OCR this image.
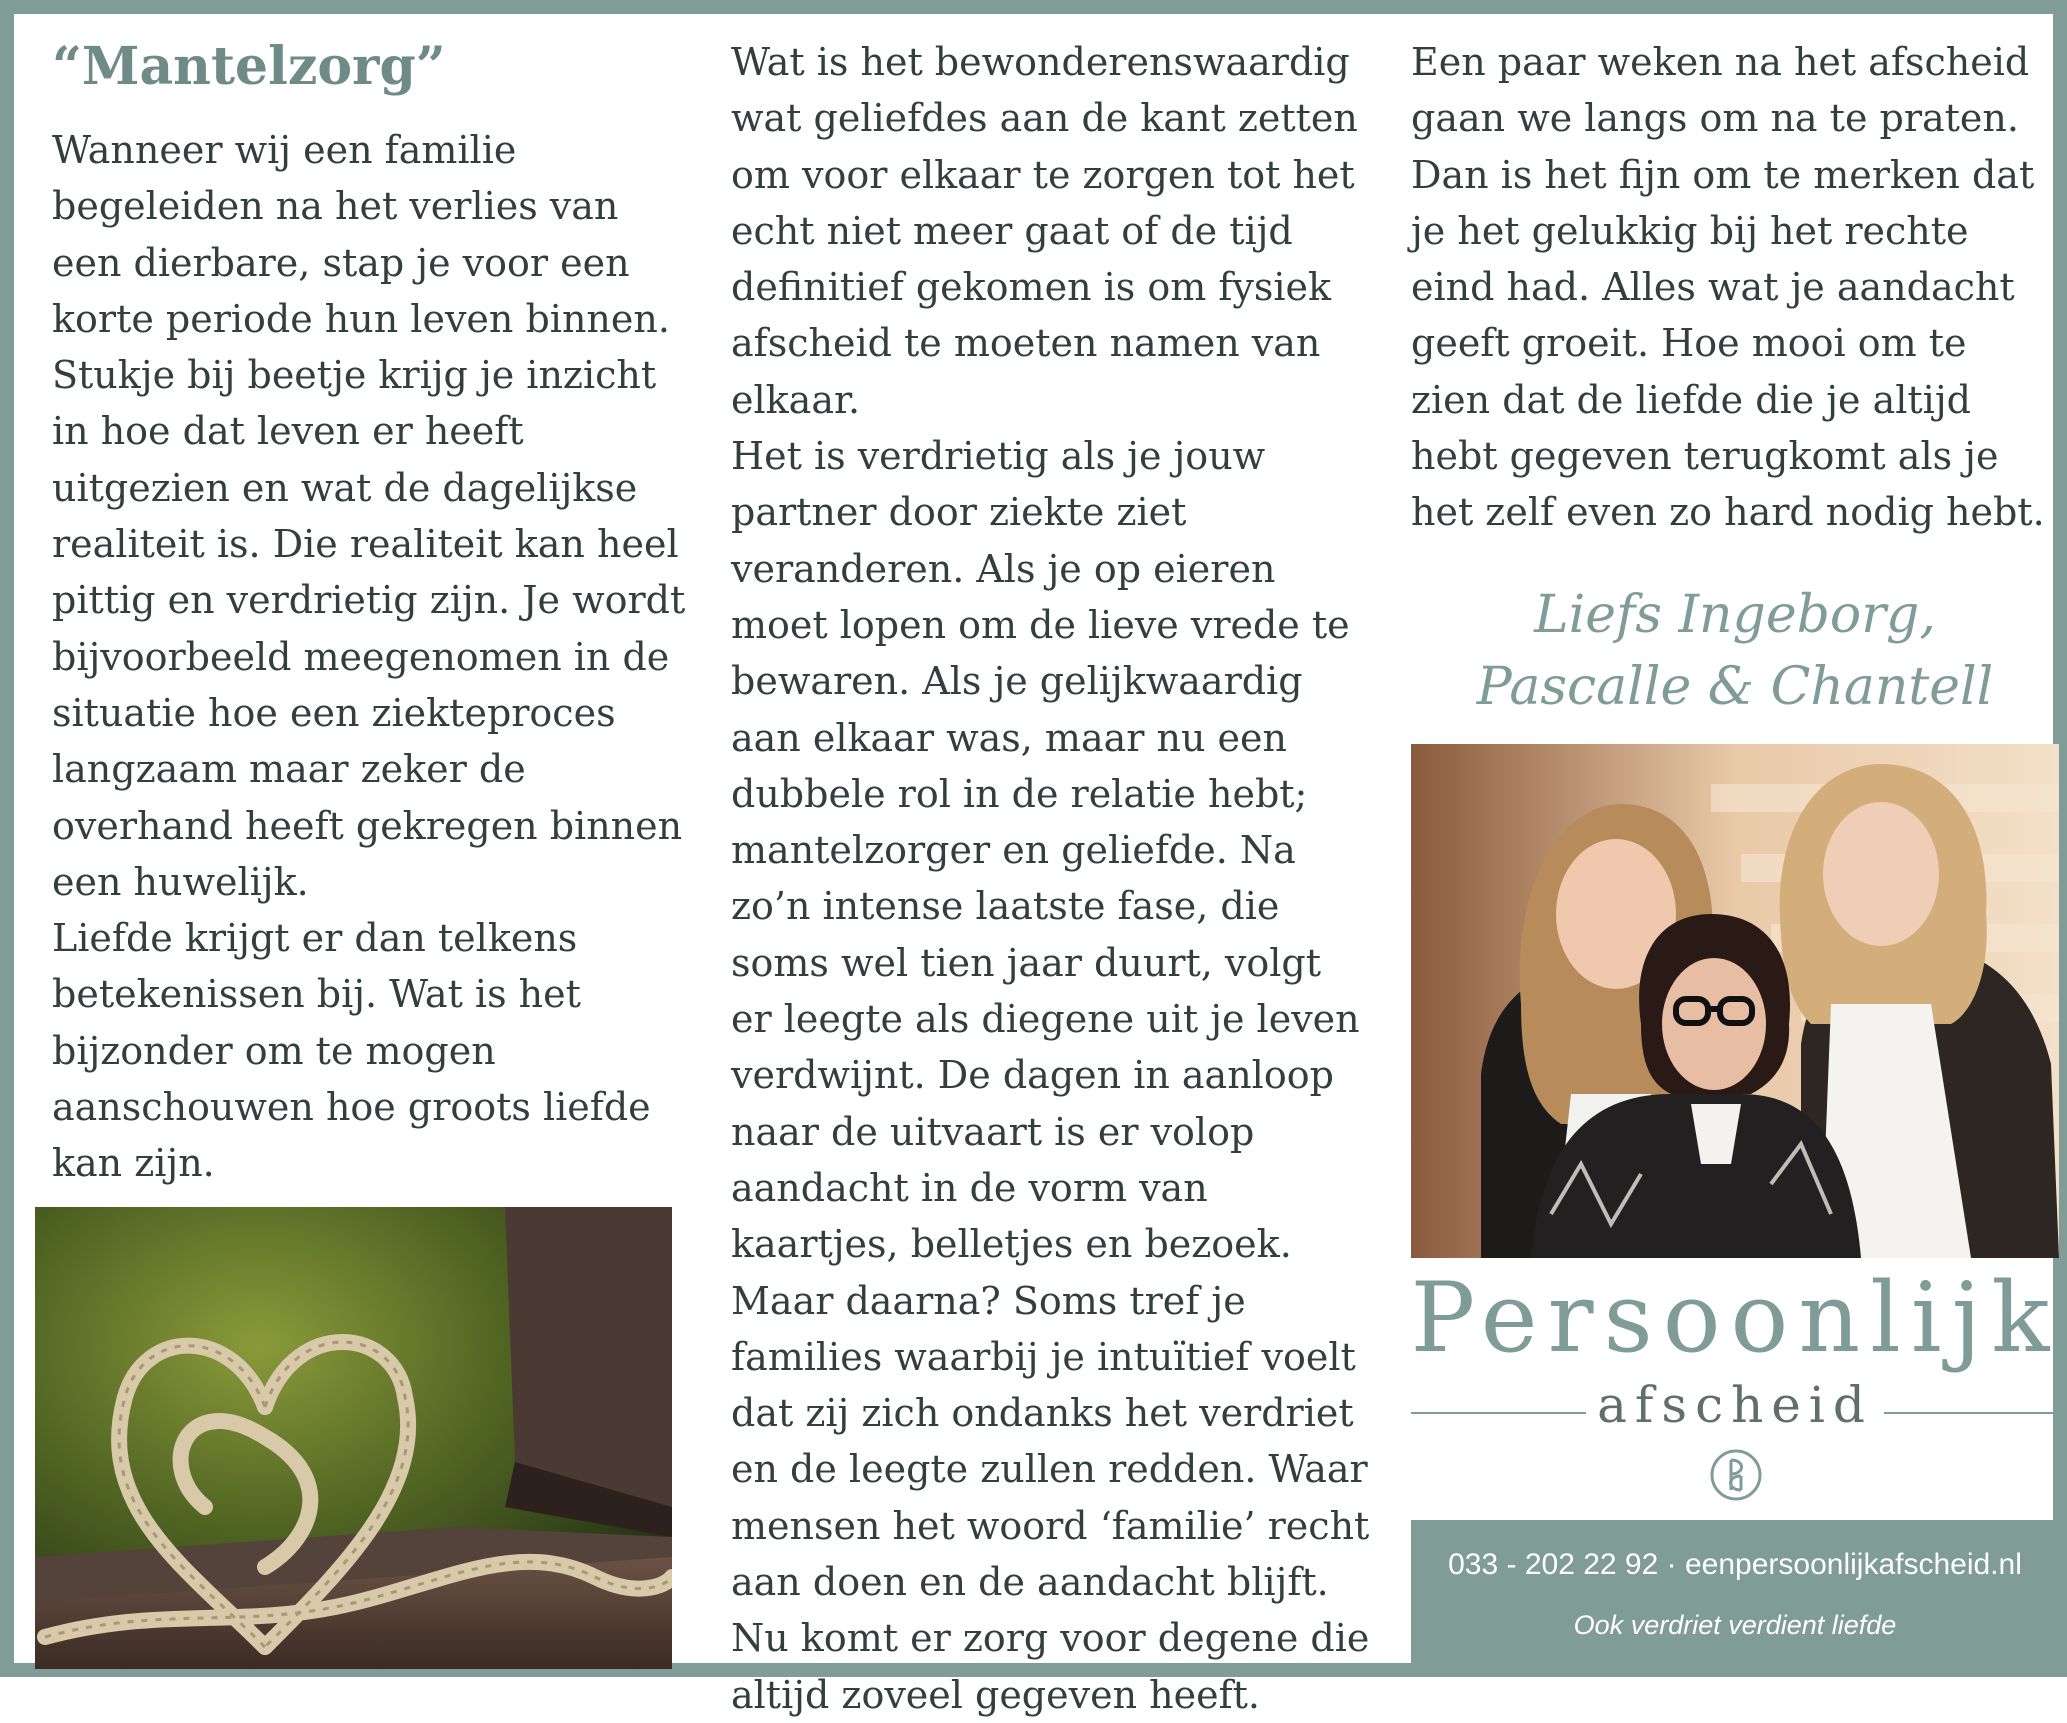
“Mantelzorg”
Wanneer wij een familie begeleiden na het verlies van een dierbare, stap je voor een korte periode hun leven binnen. Stukje bij beetje krijg je inzicht in hoe dat leven er heeft uitgezien en wat de dagelijkse realiteit is. Die realiteit kan heel pittig en verdrietig zijn. Je wordt bijvoorbeeld meegenomen in de situatie hoe een ziekteproces langzaam maar zeker de overhand heeft gekregen binnen een huwelijk.
Liefde krijgt er dan telkens betekenissen bij. Wat is het bijzonder om te mogen aanschouwen hoe groots liefde kan zijn.
Wat is het bewonderenswaardig wat geliefdes aan de kant zetten om voor elkaar te zorgen tot het echt niet meer gaat of de tijd definitief gekomen is om fysiek afscheid te moeten namen van elkaar.
Het is verdrietig als je jouw partner door ziekte ziet veranderen. Als je op eieren moet lopen om de lieve vrede te bewaren. Als je gelijkwaardig aan elkaar was, maar nu een dubbele rol in de relatie hebt; mantelzorger en geliefde. Na zo’n intense laatste fase, die soms wel tien jaar duurt, volgt er leegte als diegene uit je leven verdwijnt. De dagen in aanloop naar de uitvaart is er volop aandacht in de vorm van kaartjes, belletjes en bezoek. Maar daarna? Soms tref je families waarbij je intuïtief voelt dat zij zich ondanks het verdriet en de leegte zullen redden. Waar mensen het woord ‘familie’ recht aan doen en de aandacht blijft. Nu komt er zorg voor degene die altijd zoveel gegeven heeft.
Een paar weken na het afscheid gaan we langs om na te praten. Dan is het fijn om te merken dat je het gelukkig bij het rechte eind had. Alles wat je aandacht geeft groeit. Hoe mooi om te zien dat de liefde die je altijd hebt gegeven terugkomt als je het zelf even zo hard nodig hebt.
Liefs Ingeborg,
Pascalle & Chantell
Persoonlijk
afscheid
033 - 202 22 92 · eenpersoonlijkafscheid.nl
Ook verdriet verdient liefde
